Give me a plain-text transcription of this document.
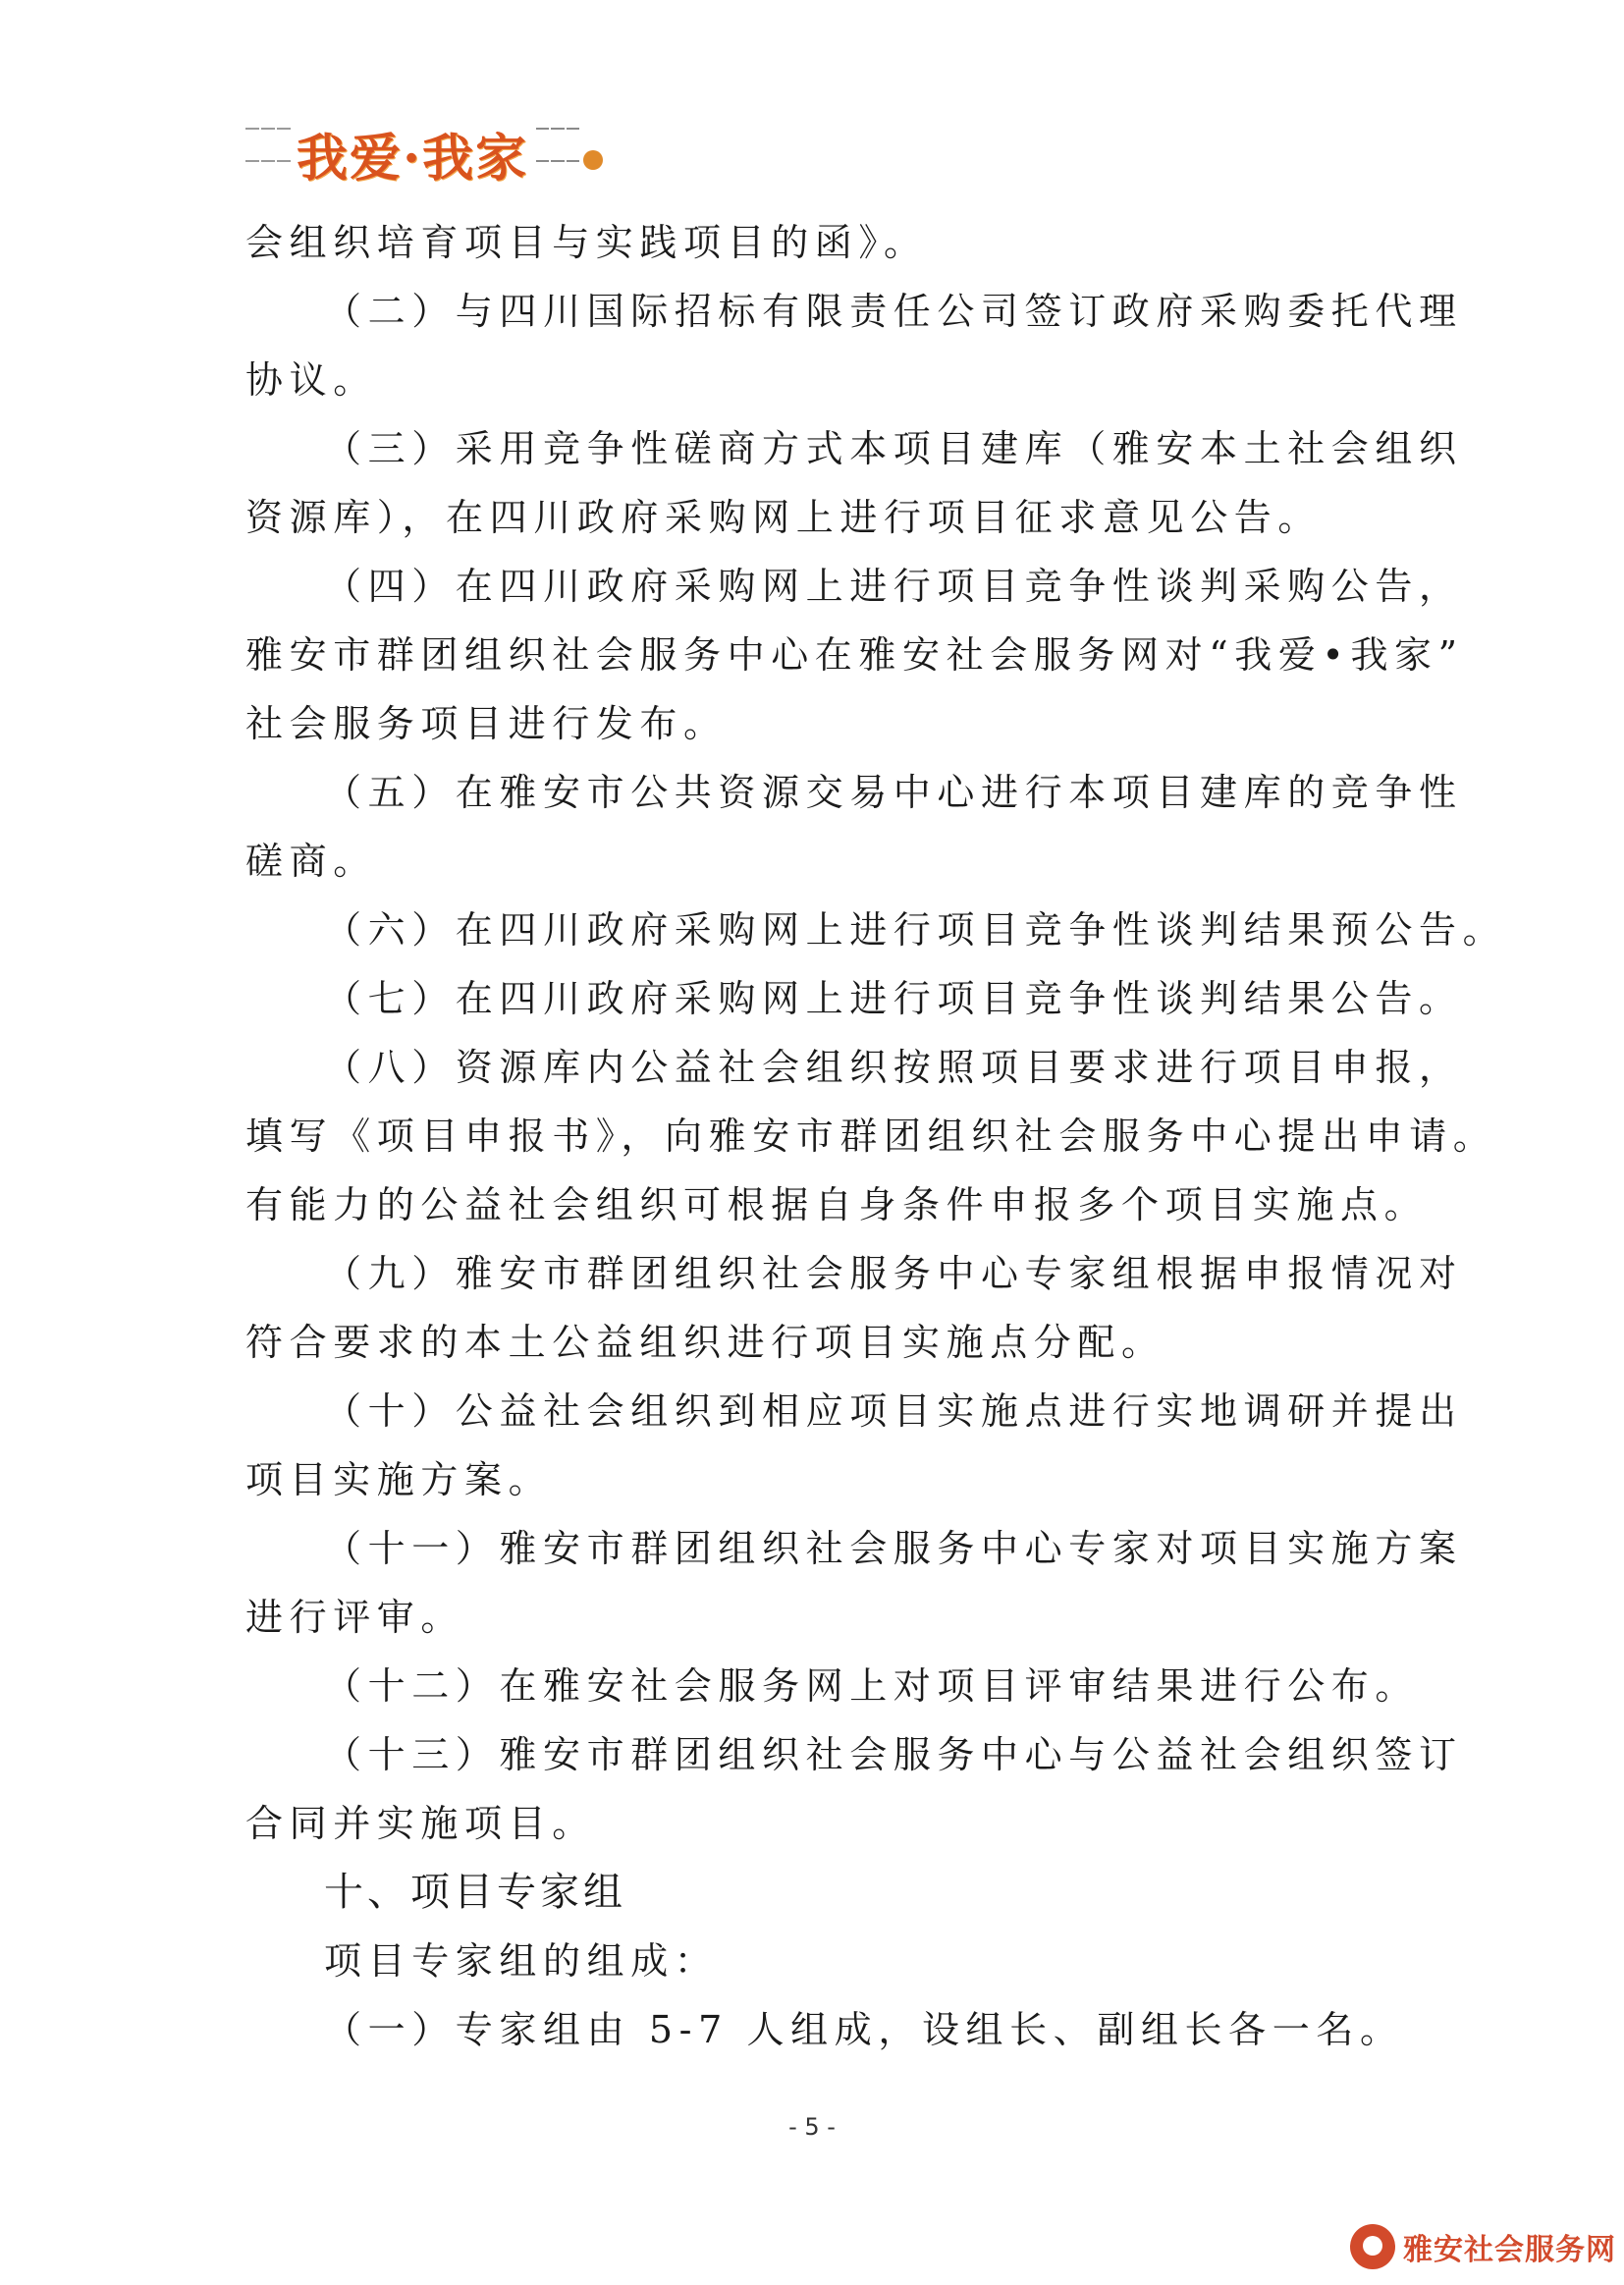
我爱·我家

会组织培育项目与实践项目的函》。

（二）与四川国际招标有限责任公司签订政府采购委托代理

协议。

（三）采用竞争性磋商方式本项目建库（雅安本土社会组织

资源库），在四川政府采购网上进行项目征求意见公告。

（四）在四川政府采购网上进行项目竞争性谈判采购公告，

雅安市群团组织社会服务中心在雅安社会服务网对“我爱•我家”

社会服务项目进行发布。

（五）在雅安市公共资源交易中心进行本项目建库的竞争性

磋商。

（六）在四川政府采购网上进行项目竞争性谈判结果预公告。

（七）在四川政府采购网上进行项目竞争性谈判结果公告。

（八）资源库内公益社会组织按照项目要求进行项目申报，

填写《项目申报书》，向雅安市群团组织社会服务中心提出申请。

有能力的公益社会组织可根据自身条件申报多个项目实施点。

（九）雅安市群团组织社会服务中心专家组根据申报情况对

符合要求的本土公益组织进行项目实施点分配。

（十）公益社会组织到相应项目实施点进行实地调研并提出

项目实施方案。

（十一）雅安市群团组织社会服务中心专家对项目实施方案

进行评审。

（十二）在雅安社会服务网上对项目评审结果进行公布。

（十三）雅安市群团组织社会服务中心与公益社会组织签订

合同并实施项目。

十、项目专家组

项目专家组的组成：

（一）专家组由 5-7 人组成，设组长、副组长各一名。

- 5 -
雅安社会服务网
